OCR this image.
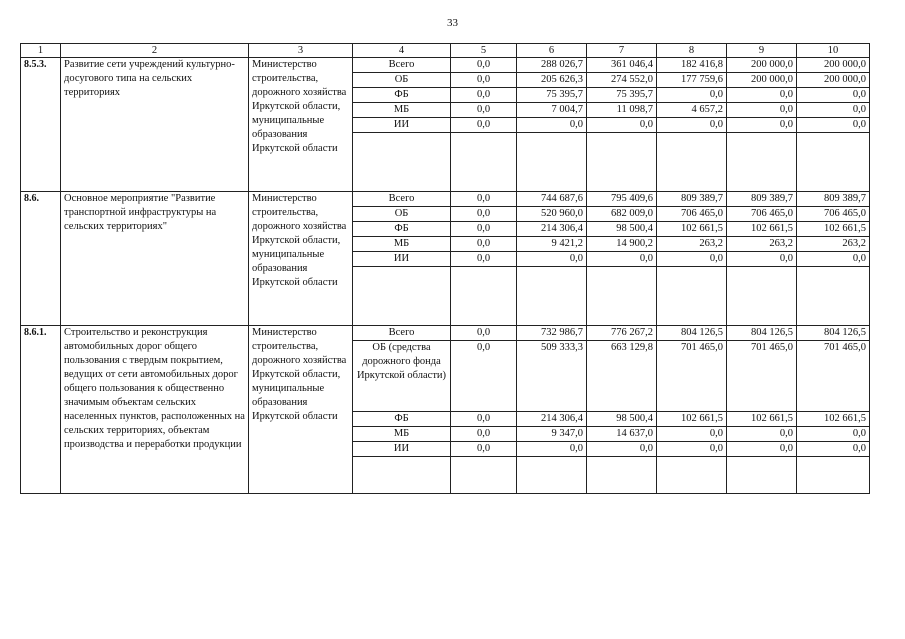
33
1	2	3	4	5	6	7	8	9	10
8.5.3.	Развитие сети учреждений культурно-досугового типа на сельских территориях	Министерство строительства, дорожного хозяйства Иркутской области, муниципальные образования Иркутской области	Всего	0,0	288 026,7	361 046,4	182 416,8	200 000,0	200 000,0
			ОБ	0,0	205 626,3	274 552,0	177 759,6	200 000,0	200 000,0
			ФБ	0,0	75 395,7	75 395,7	0,0	0,0	0,0
			МБ	0,0	7 004,7	11 098,7	4 657,2	0,0	0,0
			ИИ	0,0	0,0	0,0	0,0	0,0	0,0

8.6.	Основное мероприятие "Развитие транспортной инфраструктуры на сельских территориях"	Министерство строительства, дорожного хозяйства Иркутской области, муниципальные образования Иркутской области	Всего	0,0	744 687,6	795 409,6	809 389,7	809 389,7	809 389,7
			ОБ	0,0	520 960,0	682 009,0	706 465,0	706 465,0	706 465,0
			ФБ	0,0	214 306,4	98 500,4	102 661,5	102 661,5	102 661,5
			МБ	0,0	9 421,2	14 900,2	263,2	263,2	263,2
			ИИ	0,0	0,0	0,0	0,0	0,0	0,0

8.6.1.	Строительство и реконструкция автомобильных дорог общего пользования с твердым покрытием, ведущих от сети автомобильных дорог общего пользования к общественно значимым объектам сельских населенных пунктов, расположенных на сельских территориях, объектам производства и переработки продукции	Министерство строительства, дорожного хозяйства Иркутской области, муниципальные образования Иркутской области	Всего	0,0	732 986,7	776 267,2	804 126,5	804 126,5	804 126,5
			ОБ (средства дорожного фонда Иркутской области)	0,0	509 333,3	663 129,8	701 465,0	701 465,0	701 465,0
			ФБ	0,0	214 306,4	98 500,4	102 661,5	102 661,5	102 661,5
			МБ	0,0	9 347,0	14 637,0	0,0	0,0	0,0
			ИИ	0,0	0,0	0,0	0,0	0,0	0,0
